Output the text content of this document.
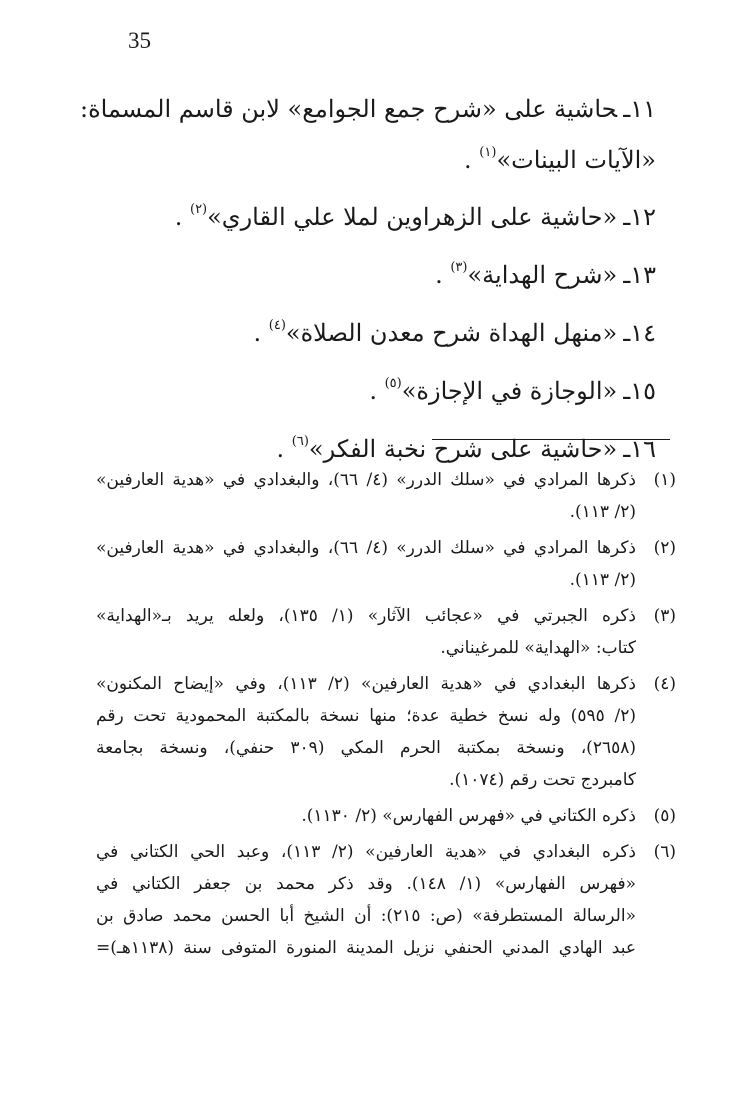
35
١١ـحاشية على «شرح جمع الجوامع» لابن قاسم المسماة:
«الآيات البينات»$^{(١)}$ .
١٢ـ«حاشية على الزهراوين لملا علي القاري»$^{(٢)}$ .
١٣ـ«شرح الهداية»$^{(٣)}$ .
١٤ـ«منهل الهداة شرح معدن الصلاة»$^{(٤)}$ .
١٥ـ«الوجازة في الإجازة»$^{(٥)}$ .
١٦ـ«حاشية على شرح نخبة الفكر»$^{(٦)}$ .
(١)
ذكرها المرادي في «سلك الدرر» (٤/ ٦٦)، والبغدادي في «هدية العارفين»
(٢/ ١١٣).
(٢)
ذكرها المرادي في «سلك الدرر» (٤/ ٦٦)، والبغدادي في «هدية العارفين»
(٢/ ١١٣).
(٣)
ذكره الجبرتي في «عجائب الآثار» (١/ ١٣٥)، ولعله يريد بـ«الهداية»
كتاب: «الهداية» للمرغيناني.
(٤)
ذكرها البغدادي في «هدية العارفين» (٢/ ١١٣)، وفي «إيضاح المكنون»
(٢/ ٥٩٥) وله نسخ خطية عدة؛ منها نسخة بالمكتبة المحمودية تحت رقم
(٢٦٥٨)، ونسخة بمكتبة الحرم المكي (٣٠٩ حنفي)، ونسخة بجامعة
كامبردج تحت رقم (١٠٧٤).
(٥)
ذكره الكتاني في «فهرس الفهارس» (٢/ ١١٣٠).
(٦)
ذكره البغدادي في «هدية العارفين» (٢/ ١١٣)، وعبد الحي الكتاني في
«فهرس الفهارس» (١/ ١٤٨). وقد ذكر محمد بن جعفر الكتاني في
«الرسالة المستطرفة» (ص: ٢١٥): أن الشيخ أبا الحسن محمد صادق بن
عبد الهادي المدني الحنفي نزيل المدينة المنورة المتوفى سنة (١١٣٨هـ)=
